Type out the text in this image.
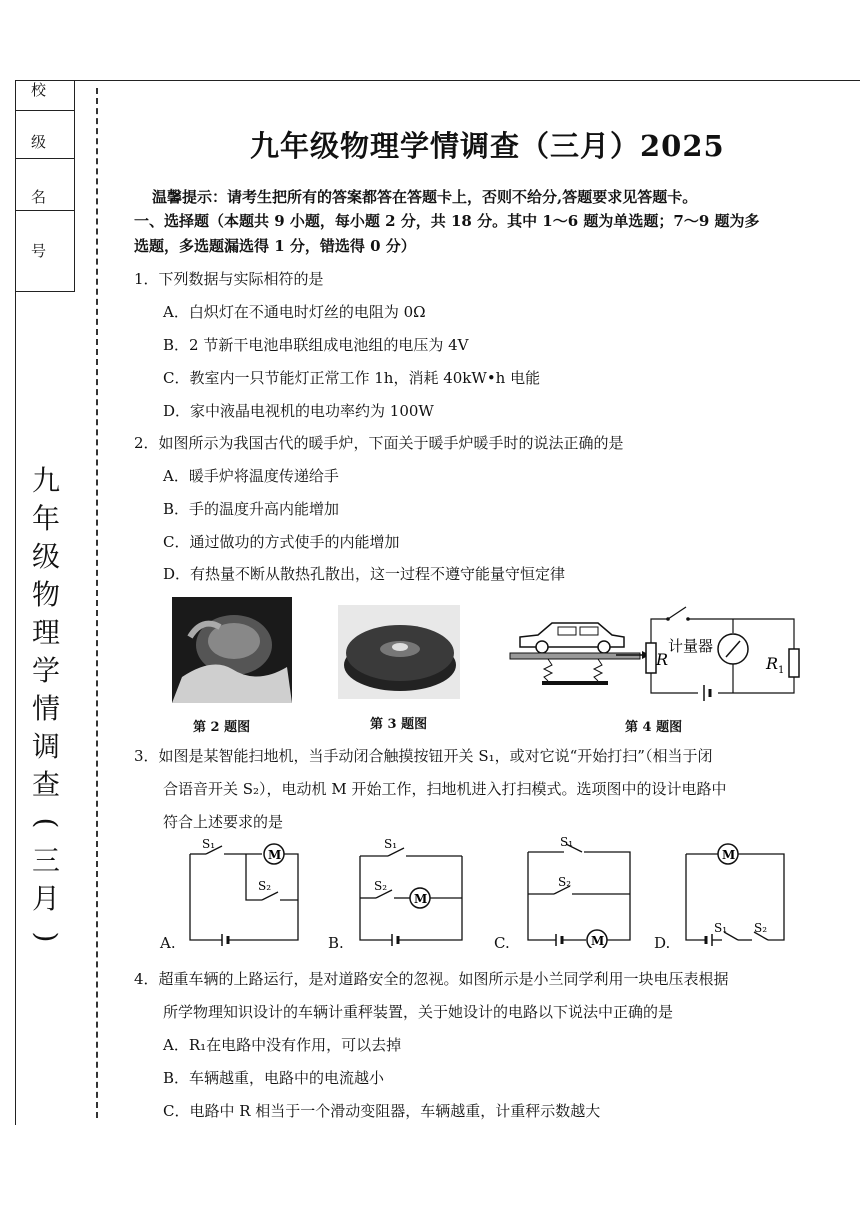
校
级
名
号
九
年
级
物
理
学
情
调
查
(
三
月
)
九年级物理学情调查（三月）2025
温馨提示：请考生把所有的答案都答在答题卡上，否则不给分,答题要求见答题卡。
一、选择题（本题共 9 小题，每小题 2 分，共 18 分。其中 1～6 题为单选题；7～9 题为多
选题，多选题漏选得 1 分，错选得 0 分）
1．下列数据与实际相符的是
A．白炽灯在不通电时灯丝的电阻为 0Ω
B．2 节新干电池串联组成电池组的电压为 4V
C．教室内一只节能灯正常工作 1h，消耗 40kW•h 电能
D．家中液晶电视机的电功率约为 100W
2．如图所示为我国古代的暖手炉，下面关于暖手炉暖手时的说法正确的是
A．暖手炉将温度传递给手
B．手的温度升高内能增加
C．通过做功的方式使手的内能增加
D．有热量不断从散热孔散出，这一过程不遵守能量守恒定律
第 2 题图	第 3 题图
R
计量器
R 1
第 4 题图
3．如图是某智能扫地机，当手动闭合触摸按钮开关 S₁，或对它说“开始打扫”（相当于闭
合语音开关 S₂），电动机 M 开始工作，扫地机进入打扫模式。选项图中的设计电路中
符合上述要求的是
M
S₁
S₂
A.
M
S₁
S₂
B.	M
S₁
S₂
C.
M
S₁ S₂
D.
4．超重车辆的上路运行，是对道路安全的忽视。如图所示是小兰同学利用一块电压表根据
所学物理知识设计的车辆计重秤装置，关于她设计的电路以下说法中正确的是
A．R₁在电路中没有作用，可以去掉
B．车辆越重，电路中的电流越小
C．电路中 R 相当于一个滑动变阻器，车辆越重，计重秤示数越大
